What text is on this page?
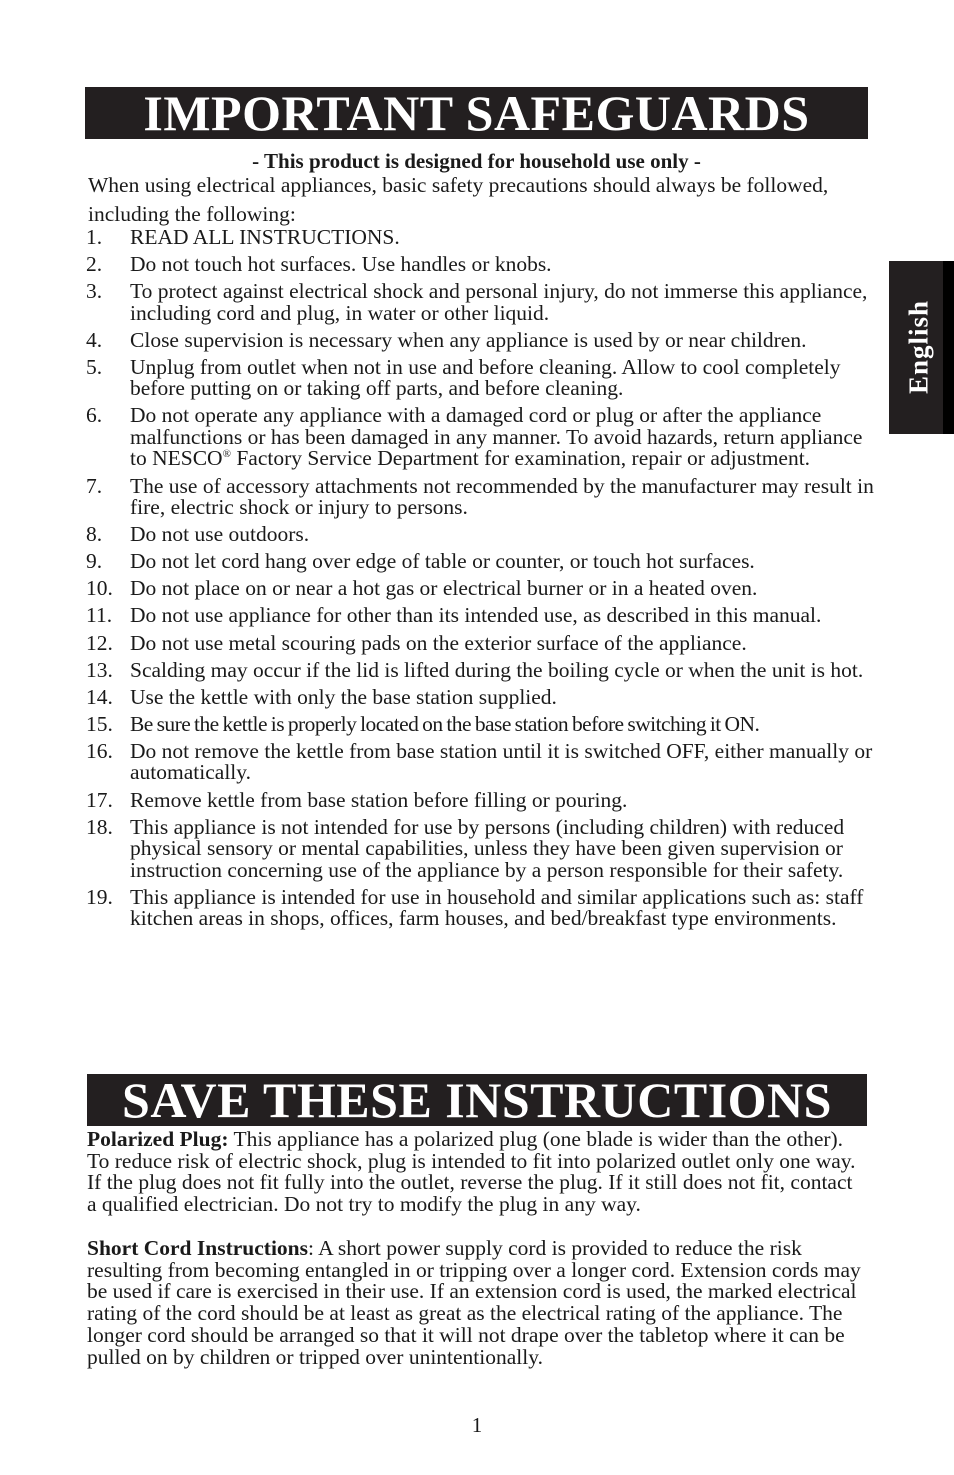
IMPORTANT SAFEGUARDS
- This product is designed for household use only -
When using electrical appliances, basic safety precautions should always be followed, including the following:
1.	READ ALL INSTRUCTIONS.
2.	Do not touch hot surfaces. Use handles or knobs.
3.	To protect against electrical shock and personal injury, do not immerse this appliance, including cord and plug, in water or other liquid.
4.	Close supervision is necessary when any appliance is used by or near children.
5.	Unplug from outlet when not in use and before cleaning. Allow to cool completely before putting on or taking off parts, and before cleaning.
6.	Do not operate any appliance with a damaged cord or plug or after the appliance malfunctions or has been damaged in any manner. To avoid hazards, return appliance to NESCO® Factory Service Department for examination, repair or adjustment.
7.	The use of accessory attachments not recommended by the manufacturer may result in fire, electric shock or injury to persons.
8.	Do not use outdoors.
9.	Do not let cord hang over edge of table or counter, or touch hot surfaces.
10. Do not place on or near a hot gas or electrical burner or in a heated oven.
11. Do not use appliance for other than its intended use, as described in this manual.
12. Do not use metal scouring pads on the exterior surface of the appliance.
13. Scalding may occur if the lid is lifted during the boiling cycle or when the unit is hot.
14. Use the kettle with only the base station supplied.
15. Be sure the kettle is properly located on the base station before switching it ON.
16. Do not remove the kettle from base station until it is switched OFF, either manually or automatically.
17. Remove kettle from base station before filling or pouring.
18. This appliance is not intended for use by persons (including children) with reduced physical sensory or mental capabilities, unless they have been given supervision or instruction concerning use of the appliance by a person responsible for their safety.
19. This appliance is intended for use in household and similar applications such as: staff kitchen areas in shops, offices, farm houses, and bed/breakfast type environments.
English
SAVE THESE INSTRUCTIONS
Polarized Plug: This appliance has a polarized plug (one blade is wider than the other). To reduce risk of electric shock, plug is intended to fit into polarized outlet only one way. If the plug does not fit fully into the outlet, reverse the plug. If it still does not fit, contact a qualified electrician. Do not try to modify the plug in any way.
Short Cord Instructions: A short power supply cord is provided to reduce the risk resulting from becoming entangled in or tripping over a longer cord. Extension cords may be used if care is exercised in their use. If an extension cord is used, the marked electrical rating of the cord should be at least as great as the electrical rating of the appliance. The longer cord should be arranged so that it will not drape over the tabletop where it can be pulled on by children or tripped over unintentionally.
1
